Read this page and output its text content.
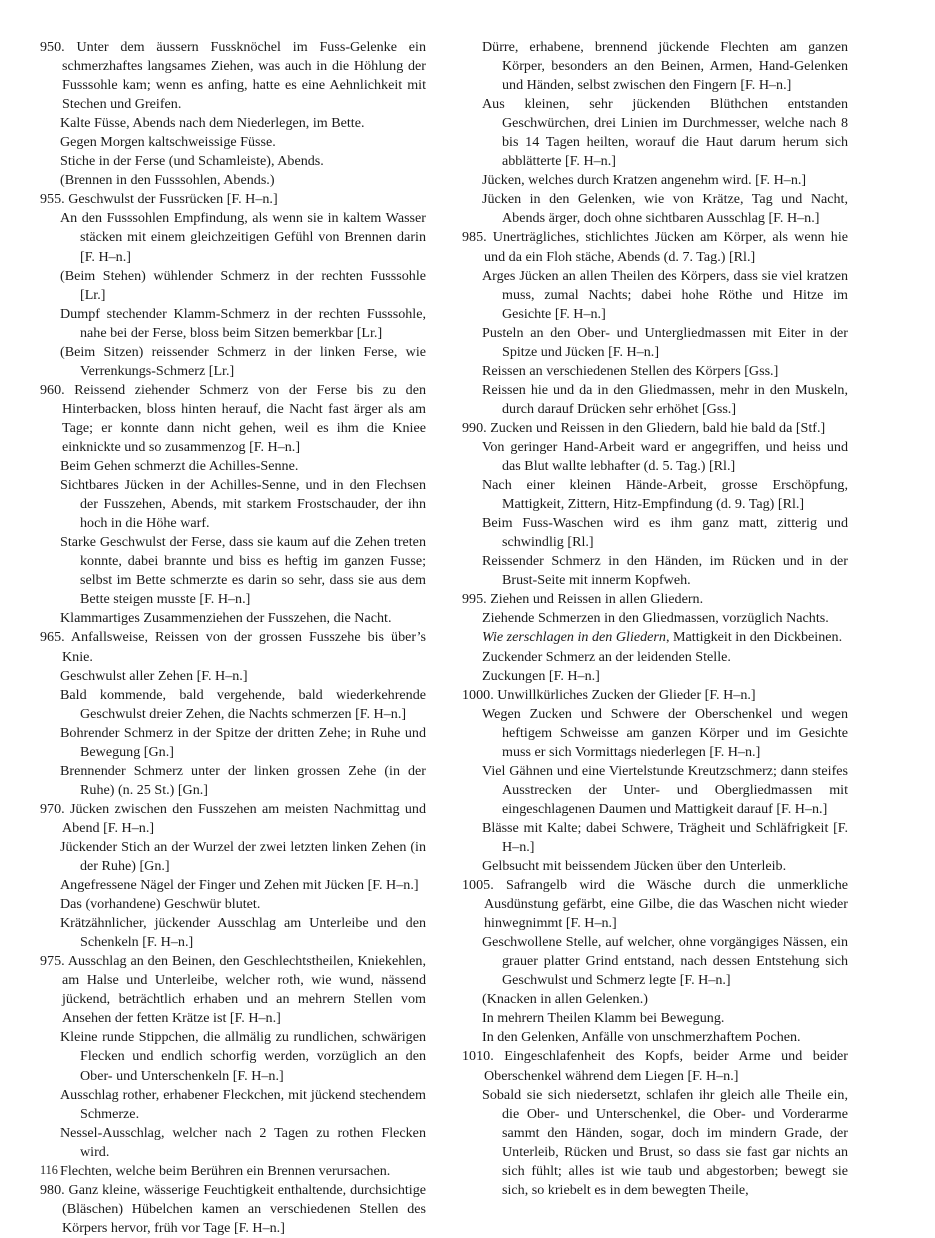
950. Unter dem äussern Fussknöchel im Fuss-Gelenke ein schmerzhaftes langsames Ziehen, was auch in die Höhlung der Fusssohle kam; wenn es anfing, hatte es eine Aehnlichkeit mit Stechen und Greifen.

Kalte Füsse, Abends nach dem Niederlegen, im Bette.

Gegen Morgen kaltschweissige Füsse.

Stiche in der Ferse (und Schamleiste), Abends.

(Brennen in den Fusssohlen, Abends.)

955. Geschwulst der Fussrücken [F. H–n.]

An den Fusssohlen Empfindung, als wenn sie in kaltem Wasser stäcken mit einem gleichzeitigen Gefühl von Brennen darin [F. H–n.]

(Beim Stehen) wühlender Schmerz in der rechten Fusssohle [Lr.]

Dumpf stechender Klamm-Schmerz in der rechten Fusssohle, nahe bei der Ferse, bloss beim Sitzen bemerkbar [Lr.]

(Beim Sitzen) reissender Schmerz in der linken Ferse, wie Verrenkungs-Schmerz [Lr.]

960. Reissend ziehender Schmerz von der Ferse bis zu den Hinterbacken, bloss hinten herauf, die Nacht fast ärger als am Tage; er konnte dann nicht gehen, weil es ihm die Kniee einknickte und so zusammenzog [F. H–n.]

Beim Gehen schmerzt die Achilles-Senne.

Sichtbares Jücken in der Achilles-Senne, und in den Flechsen der Fusszehen, Abends, mit starkem Frostschauder, der ihn hoch in die Höhe warf.

Starke Geschwulst der Ferse, dass sie kaum auf die Zehen treten konnte, dabei brannte und biss es heftig im ganzen Fusse; selbst im Bette schmerzte es darin so sehr, dass sie aus dem Bette steigen musste [F. H–n.]

Klammartiges Zusammenziehen der Fusszehen, die Nacht.

965. Anfallsweise, Reissen von der grossen Fusszehe bis über’s Knie.

Geschwulst aller Zehen [F. H–n.]

Bald kommende, bald vergehende, bald wiederkehrende Geschwulst dreier Zehen, die Nachts schmerzen [F. H–n.]

Bohrender Schmerz in der Spitze der dritten Zehe; in Ruhe und Bewegung [Gn.]

Brennender Schmerz unter der linken grossen Zehe (in der Ruhe) (n. 25 St.) [Gn.]

970. Jücken zwischen den Fusszehen am meisten Nachmittag und Abend [F. H–n.]

Jückender Stich an der Wurzel der zwei letzten linken Zehen (in der Ruhe) [Gn.]

Angefressene Nägel der Finger und Zehen mit Jücken [F. H–n.]

Das (vorhandene) Geschwür blutet.

Krätzähnlicher, jückender Ausschlag am Unterleibe und den Schenkeln [F. H–n.]

975. Ausschlag an den Beinen, den Geschlechtstheilen, Kniekehlen, am Halse und Unterleibe, welcher roth, wie wund, nässend jückend, beträchtlich erhaben und an mehrern Stellen vom Ansehen der fetten Krätze ist [F. H–n.]

Kleine runde Stippchen, die allmälig zu rundlichen, schwärigen Flecken und endlich schorfig werden, vorzüglich an den Ober- und Unterschenkeln [F. H–n.]

Ausschlag rother, erhabener Fleckchen, mit jückend stechendem Schmerze.

Nessel-Ausschlag, welcher nach 2 Tagen zu rothen Flecken wird.

Flechten, welche beim Berühren ein Brennen verursachen.

980. Ganz kleine, wässerige Feuchtigkeit enthaltende, durchsichtige (Bläschen) Hübelchen kamen an verschiedenen Stellen des Körpers hervor, früh vor Tage [F. H–n.]

Dürre, erhabene, brennend jückende Flechten am ganzen Körper, besonders an den Beinen, Armen, Hand-Gelenken und Händen, selbst zwischen den Fingern [F. H–n.]

Aus kleinen, sehr jückenden Blüthchen entstanden Geschwürchen, drei Linien im Durchmesser, welche nach 8 bis 14 Tagen heilten, worauf die Haut darum herum sich abblätterte [F. H–n.]

Jücken, welches durch Kratzen angenehm wird. [F. H–n.]

Jücken in den Gelenken, wie von Krätze, Tag und Nacht, Abends ärger, doch ohne sichtbaren Ausschlag [F. H–n.]

985. Unerträgliches, stichlichtes Jücken am Körper, als wenn hie und da ein Floh stäche, Abends (d. 7. Tag.) [Rl.]

Arges Jücken an allen Theilen des Körpers, dass sie viel kratzen muss, zumal Nachts; dabei hohe Röthe und Hitze im Gesichte [F. H–n.]

Pusteln an den Ober- und Untergliedmassen mit Eiter in der Spitze und Jücken [F. H–n.]

Reissen an verschiedenen Stellen des Körpers [Gss.]

Reissen hie und da in den Gliedmassen, mehr in den Muskeln, durch darauf Drücken sehr erhöhet [Gss.]

990. Zucken und Reissen in den Gliedern, bald hie bald da [Stf.]

Von geringer Hand-Arbeit ward er angegriffen, und heiss und das Blut wallte lebhafter (d. 5. Tag.) [Rl.]

Nach einer kleinen Hände-Arbeit, grosse Erschöpfung, Mattigkeit, Zittern, Hitz-Empfindung (d. 9. Tag) [Rl.]

Beim Fuss-Waschen wird es ihm ganz matt, zitterig und schwindlig [Rl.]

Reissender Schmerz in den Händen, im Rücken und in der Brust-Seite mit innerm Kopfweh.

995. Ziehen und Reissen in allen Gliedern.

Ziehende Schmerzen in den Gliedmassen, vorzüglich Nachts.

Wie zerschlagen in den Gliedern, Mattigkeit in den Dickbeinen.

Zuckender Schmerz an der leidenden Stelle.

Zuckungen [F. H–n.]

1000. Unwillkürliches Zucken der Glieder [F. H–n.]

Wegen Zucken und Schwere der Oberschenkel und wegen heftigem Schweisse am ganzen Körper und im Gesichte muss er sich Vormittags niederlegen [F. H–n.]

Viel Gähnen und eine Viertelstunde Kreutzschmerz; dann steifes Ausstrecken der Unter- und Obergliedmassen mit eingeschlagenen Daumen und Mattigkeit darauf [F. H–n.]

Blässe mit Kalte; dabei Schwere, Trägheit und Schläfrigkeit [F. H–n.]

Gelbsucht mit beissendem Jücken über den Unterleib.

1005. Safrangelb wird die Wäsche durch die unmerkliche Ausdünstung gefärbt, eine Gilbe, die das Waschen nicht wieder hinwegnimmt [F. H–n.]

Geschwollene Stelle, auf welcher, ohne vorgängiges Nässen, ein grauer platter Grind entstand, nach dessen Entstehung sich Geschwulst und Schmerz legte [F. H–n.]

(Knacken in allen Gelenken.)

In mehrern Theilen Klamm bei Bewegung.

In den Gelenken, Anfälle von unschmerzhaftem Pochen.

1010. Eingeschlafenheit des Kopfs, beider Arme und beider Oberschenkel während dem Liegen [F. H–n.]

Sobald sie sich niedersetzt, schlafen ihr gleich alle Theile ein, die Ober- und Unterschenkel, die Ober- und Vorderarme sammt den Händen, sogar, doch im mindern Grade, der Unterleib, Rücken und Brust, so dass sie fast gar nichts an sich fühlt; alles ist wie taub und abgestorben; bewegt sie sich, so kriebelt es in dem bewegten Theile,

116
